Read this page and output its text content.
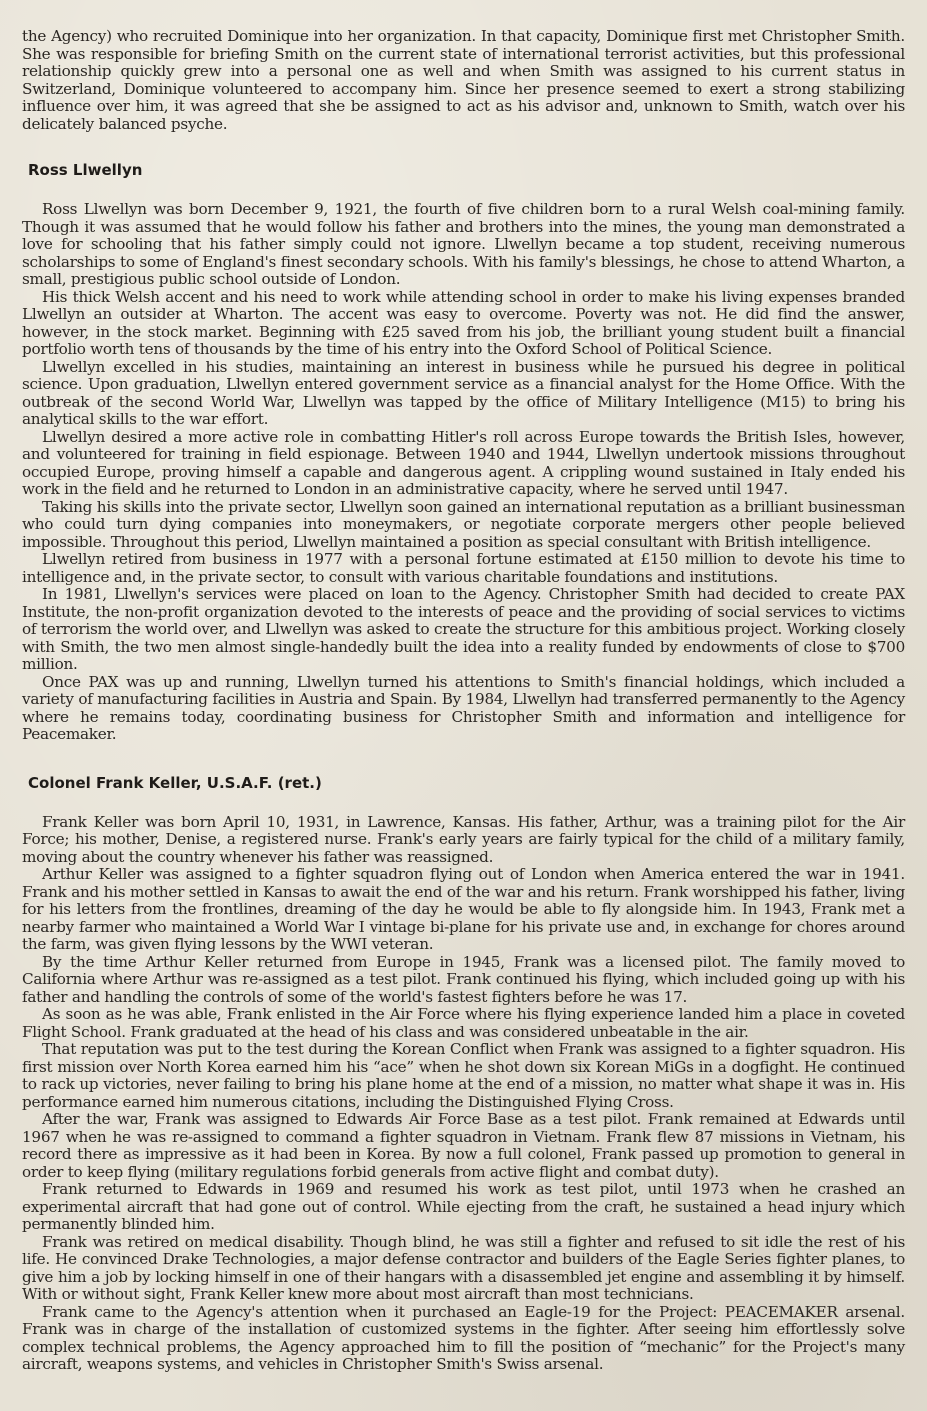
the Agency) who recruited Dominique into her organization. In that capacity, Dominique first met Christopher Smith. She was responsible for briefing Smith on the current state of international terrorist activities, but this professional relationship quickly grew into a personal one as well and when Smith was assigned to his current status in Switzerland, Dominique volunteered to accompany him. Since her presence seemed to exert a strong stabilizing influence over him, it was agreed that she be assigned to act as his advisor and, unknown to Smith, watch over his delicately balanced psyche.

Ross Llwellyn

Ross Llwellyn was born December 9, 1921, the fourth of five children born to a rural Welsh coal-mining family. Though it was assumed that he would follow his father and brothers into the mines, the young man demonstrated a love for schooling that his father simply could not ignore. Llwellyn became a top student, receiving numerous scholarships to some of England's finest secondary schools. With his family's blessings, he chose to attend Wharton, a small, prestigious public school outside of London.

His thick Welsh accent and his need to work while attending school in order to make his living expenses branded Llwellyn an outsider at Wharton. The accent was easy to overcome. Poverty was not. He did find the answer, however, in the stock market. Beginning with £25 saved from his job, the brilliant young student built a financial portfolio worth tens of thousands by the time of his entry into the Oxford School of Political Science.

Llwellyn excelled in his studies, maintaining an interest in business while he pursued his degree in political science. Upon graduation, Llwellyn entered government service as a financial analyst for the Home Office. With the outbreak of the second World War, Llwellyn was tapped by the office of Military Intelligence (M15) to bring his analytical skills to the war effort.

Llwellyn desired a more active role in combatting Hitler's roll across Europe towards the British Isles, however, and volunteered for training in field espionage. Between 1940 and 1944, Llwellyn undertook missions throughout occupied Europe, proving himself a capable and dangerous agent. A crippling wound sustained in Italy ended his work in the field and he returned to London in an administrative capacity, where he served until 1947.

Taking his skills into the private sector, Llwellyn soon gained an international reputation as a brilliant businessman who could turn dying companies into moneymakers, or negotiate corporate mergers other people believed impossible. Throughout this period, Llwellyn maintained a position as special consultant with British intelligence.

Llwellyn retired from business in 1977 with a personal fortune estimated at £150 million to devote his time to intelligence and, in the private sector, to consult with various charitable foundations and institutions.

In 1981, Llwellyn's services were placed on loan to the Agency. Christopher Smith had decided to create PAX Institute, the non-profit organization devoted to the interests of peace and the providing of social services to victims of terrorism the world over, and Llwellyn was asked to create the structure for this ambitious project. Working closely with Smith, the two men almost single-handedly built the idea into a reality funded by endowments of close to $700 million.

Once PAX was up and running, Llwellyn turned his attentions to Smith's financial holdings, which included a variety of manufacturing facilities in Austria and Spain. By 1984, Llwellyn had transferred permanently to the Agency where he remains today, coordinating business for Christopher Smith and information and intelligence for Peacemaker.

Colonel Frank Keller, U.S.A.F. (ret.)

Frank Keller was born April 10, 1931, in Lawrence, Kansas. His father, Arthur, was a training pilot for the Air Force; his mother, Denise, a registered nurse. Frank's early years are fairly typical for the child of a military family, moving about the country whenever his father was reassigned.

Arthur Keller was assigned to a fighter squadron flying out of London when America entered the war in 1941. Frank and his mother settled in Kansas to await the end of the war and his return. Frank worshipped his father, living for his letters from the frontlines, dreaming of the day he would be able to fly alongside him. In 1943, Frank met a nearby farmer who maintained a World War I vintage bi-plane for his private use and, in exchange for chores around the farm, was given flying lessons by the WWI veteran.

By the time Arthur Keller returned from Europe in 1945, Frank was a licensed pilot. The family moved to California where Arthur was re-assigned as a test pilot. Frank continued his flying, which included going up with his father and handling the controls of some of the world's fastest fighters before he was 17.

As soon as he was able, Frank enlisted in the Air Force where his flying experience landed him a place in coveted Flight School. Frank graduated at the head of his class and was considered unbeatable in the air.

That reputation was put to the test during the Korean Conflict when Frank was assigned to a fighter squadron. His first mission over North Korea earned him his “ace” when he shot down six Korean MiGs in a dogfight. He continued to rack up victories, never failing to bring his plane home at the end of a mission, no matter what shape it was in. His performance earned him numerous citations, including the Distinguished Flying Cross.

After the war, Frank was assigned to Edwards Air Force Base as a test pilot. Frank remained at Edwards until 1967 when he was re-assigned to command a fighter squadron in Vietnam. Frank flew 87 missions in Vietnam, his record there as impressive as it had been in Korea. By now a full colonel, Frank passed up promotion to general in order to keep flying (military regulations forbid generals from active flight and combat duty).

Frank returned to Edwards in 1969 and resumed his work as test pilot, until 1973 when he crashed an experimental aircraft that had gone out of control. While ejecting from the craft, he sustained a head injury which permanently blinded him.

Frank was retired on medical disability. Though blind, he was still a fighter and refused to sit idle the rest of his life. He convinced Drake Technologies, a major defense contractor and builders of the Eagle Series fighter planes, to give him a job by locking himself in one of their hangars with a disassembled jet engine and assembling it by himself. With or without sight, Frank Keller knew more about most aircraft than most technicians.

Frank came to the Agency's attention when it purchased an Eagle-19 for the Project: PEACEMAKER arsenal. Frank was in charge of the installation of customized systems in the fighter. After seeing him effortlessly solve complex technical problems, the Agency approached him to fill the position of “mechanic” for the Project's many aircraft, weapons systems, and vehicles in Christopher Smith's Swiss arsenal.
